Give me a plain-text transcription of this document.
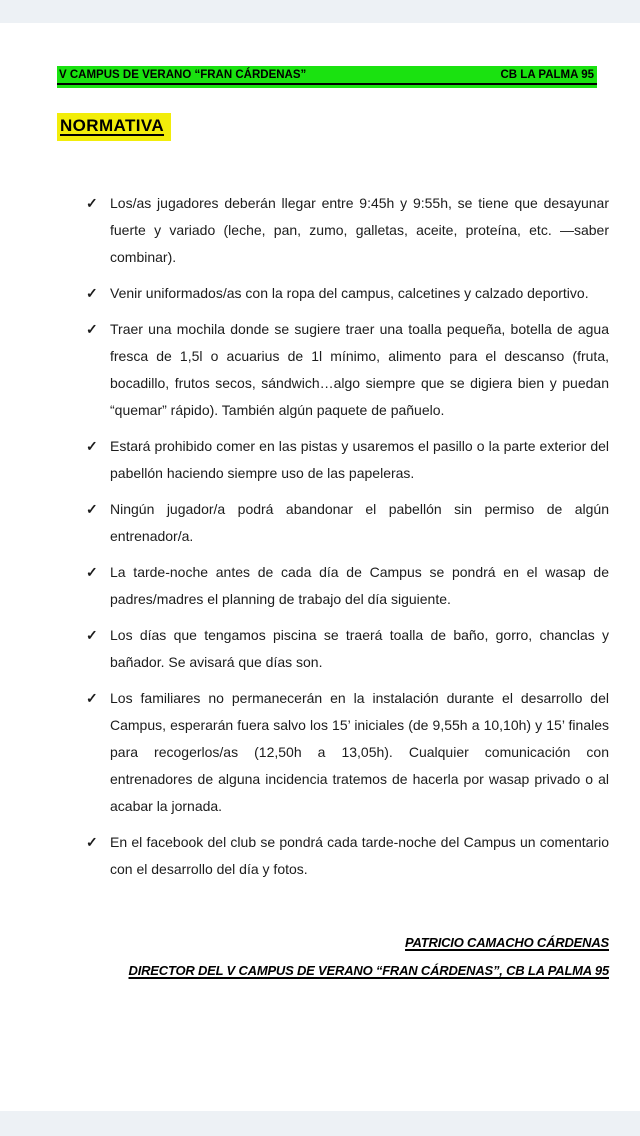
V CAMPUS DE VERANO “FRAN CÁRDENAS”	CB LA PALMA 95
NORMATIVA
✓ Los/as jugadores deberán llegar entre 9:45h y 9:55h, se tiene que desayunar fuerte y variado (leche, pan, zumo, galletas, aceite, proteína, etc. —saber combinar).
✓ Venir uniformados/as con la ropa del campus, calcetines y calzado deportivo.
✓ Traer una mochila donde se sugiere traer una toalla pequeña, botella de agua fresca de 1,5l o acuarius de 1l mínimo, alimento para el descanso (fruta, bocadillo, frutos secos, sándwich…algo siempre que se digiera bien y puedan “quemar” rápido). También algún paquete de pañuelo.
✓ Estará prohibido comer en las pistas y usaremos el pasillo o la parte exterior del pabellón haciendo siempre uso de las papeleras.
✓ Ningún jugador/a podrá abandonar el pabellón sin permiso de algún entrenador/a.
✓ La tarde-noche antes de cada día de Campus se pondrá en el wasap de padres/madres el planning de trabajo del día siguiente.
✓ Los días que tengamos piscina se traerá toalla de baño, gorro, chanclas y bañador. Se avisará que días son.
✓ Los familiares no permanecerán en la instalación durante el desarrollo del Campus, esperarán fuera salvo los 15’ iniciales (de 9,55h a 10,10h) y 15’ finales para recogerlos/as (12,50h a 13,05h). Cualquier comunicación con entrenadores de alguna incidencia tratemos de hacerla por wasap privado o al acabar la jornada.
✓ En el facebook del club se pondrá cada tarde-noche del Campus un comentario con el desarrollo del día y fotos.
PATRICIO CAMACHO CÁRDENAS
DIRECTOR DEL V CAMPUS DE VERANO “FRAN CÁRDENAS”, CB LA PALMA 95
